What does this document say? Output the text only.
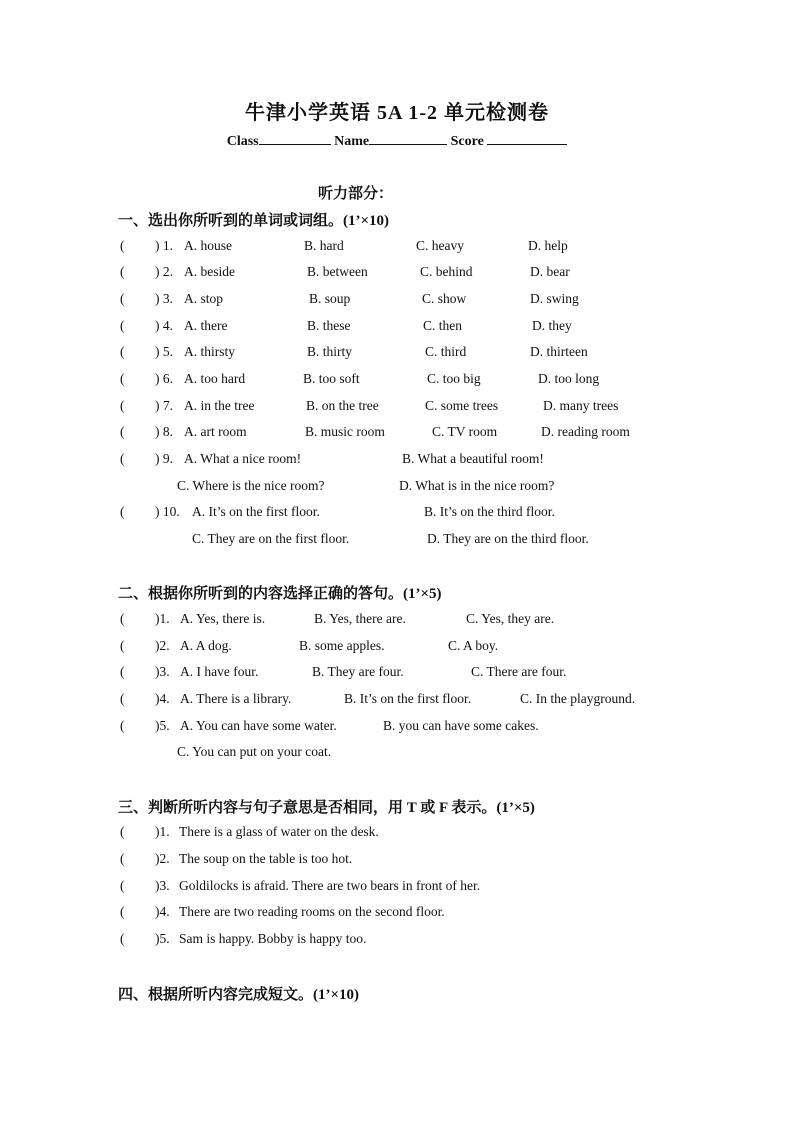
牛津小学英语 5A 1-2 单元检测卷
Class	Name	Score
听力部分：
一、选出你所听到的单词或词组。(1’×10)
( ) 1. A. house	B. hard	C. heavy	D. help
( ) 2. A. beside	B. between	C. behind	D. bear
( ) 3. A. stop	B. soup	C. show	D. swing
( ) 4. A. there	B. these	C. then	D. they
( ) 5. A. thirsty	B. thirty	C. third	D. thirteen
( ) 6. A. too hard	B. too soft	C. too big	D. too long
( ) 7. A. in the tree	B. on the tree	C. some trees	D. many trees
( ) 8. A. art room	B. music room	C. TV room	D. reading room
( ) 9. A. What a nice room!	B. What a beautiful room!
C. Where is the nice room?	D. What is in the nice room?
( ) 10. A. It’s on the first floor.	B. It’s on the third floor.
C. They are on the first floor.	D. They are on the third floor.
二、根据你所听到的内容选择正确的答句。(1’×5)
( )1. A. Yes, there is.	B. Yes, there are.	C. Yes, they are.
( )2. A. A dog.	B. some apples.	C. A boy.
( )3. A. I have four.	B. They are four.	C. There are four.
( )4. A. There is a library.	B. It’s on the first floor.	C. In the playground.
( )5. A. You can have some water.	B. you can have some cakes.
C. You can put on your coat.
三、判断所听内容与句子意思是否相同，用 T 或 F 表示。(1’×5)
( )1. There is a glass of water on the desk.
( )2. The soup on the table is too hot.
( )3. Goldilocks is afraid. There are two bears in front of her.
( )4. There are two reading rooms on the second floor.
( )5. Sam is happy. Bobby is happy too.
四、根据所听内容完成短文。(1’×10)
